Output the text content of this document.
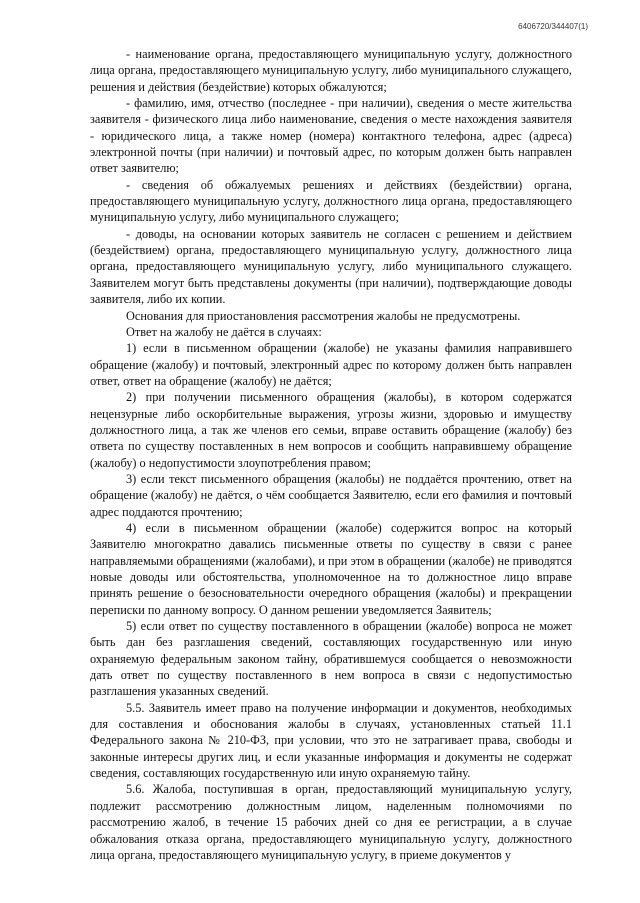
6406720/344407(1)

- наименование органа, предоставляющего муниципальную услугу, должностного лица органа, предоставляющего муниципальную услугу, либо муниципального служащего, решения и действия (бездействие) которых обжалуются;

- фамилию, имя, отчество (последнее - при наличии), сведения о месте жительства заявителя - физического лица либо наименование, сведения о месте нахождения заявителя - юридического лица, а также номер (номера) контактного телефона, адрес (адреса) электронной почты (при наличии) и почтовый адрес, по которым должен быть направлен ответ заявителю;

- сведения об обжалуемых решениях и действиях (бездействии) органа, предоставляющего муниципальную услугу, должностного лица органа, предоставляющего муниципальную услугу, либо муниципального служащего;

- доводы, на основании которых заявитель не согласен с решением и действием (бездействием) органа, предоставляющего муниципальную услугу, должностного лица органа, предоставляющего муниципальную услугу, либо муниципального служащего. Заявителем могут быть представлены документы (при наличии), подтверждающие доводы заявителя, либо их копии.

Основания для приостановления рассмотрения жалобы не предусмотрены.

Ответ на жалобу не даётся в случаях:

1) если в письменном обращении (жалобе) не указаны фамилия направившего обращение (жалобу) и почтовый, электронный адрес по которому должен быть направлен ответ, ответ на обращение (жалобу) не даётся;

2) при получении письменного обращения (жалобы), в котором содержатся нецензурные либо оскорбительные выражения, угрозы жизни, здоровью и имуществу должностного лица, а так же членов его семьи, вправе оставить обращение (жалобу) без ответа по существу поставленных в нем вопросов и сообщить направившему обращение (жалобу) о недопустимости злоупотребления правом;

3) если текст письменного обращения (жалобы) не поддаётся прочтению, ответ на обращение (жалобу) не даётся, о чём сообщается Заявителю, если его фамилия и почтовый адрес поддаются прочтению;

4) если в письменном обращении (жалобе) содержится вопрос на который Заявителю многократно давались письменные ответы по существу в связи с ранее направляемыми обращениями (жалобами), и при этом в обращении (жалобе) не приводятся новые доводы или обстоятельства, уполномоченное на то должностное лицо вправе принять решение о безосновательности очередного обращения (жалобы) и прекращении переписки по данному вопросу. О данном решении уведомляется Заявитель;

5) если ответ по существу поставленного в обращении (жалобе) вопроса не может быть дан без разглашения сведений, составляющих государственную или иную охраняемую федеральным законом тайну, обратившемуся сообщается о невозможности дать ответ по существу поставленного в нем вопроса в связи с недопустимостью разглашения указанных сведений.

5.5. Заявитель имеет право на получение информации и документов, необходимых для составления и обоснования жалобы в случаях, установленных статьей 11.1 Федерального закона № 210-ФЗ, при условии, что это не затрагивает права, свободы и законные интересы других лиц, и если указанные информация и документы не содержат сведения, составляющих государственную или иную охраняемую тайну.

5.6. Жалоба, поступившая в орган, предоставляющий муниципальную услугу, подлежит рассмотрению должностным лицом, наделенным полномочиями по рассмотрению жалоб, в течение 15 рабочих дней со дня ее регистрации, а в случае обжалования отказа органа, предоставляющего муниципальную услугу, должностного лица органа, предоставляющего муниципальную услугу, в приеме документов у
